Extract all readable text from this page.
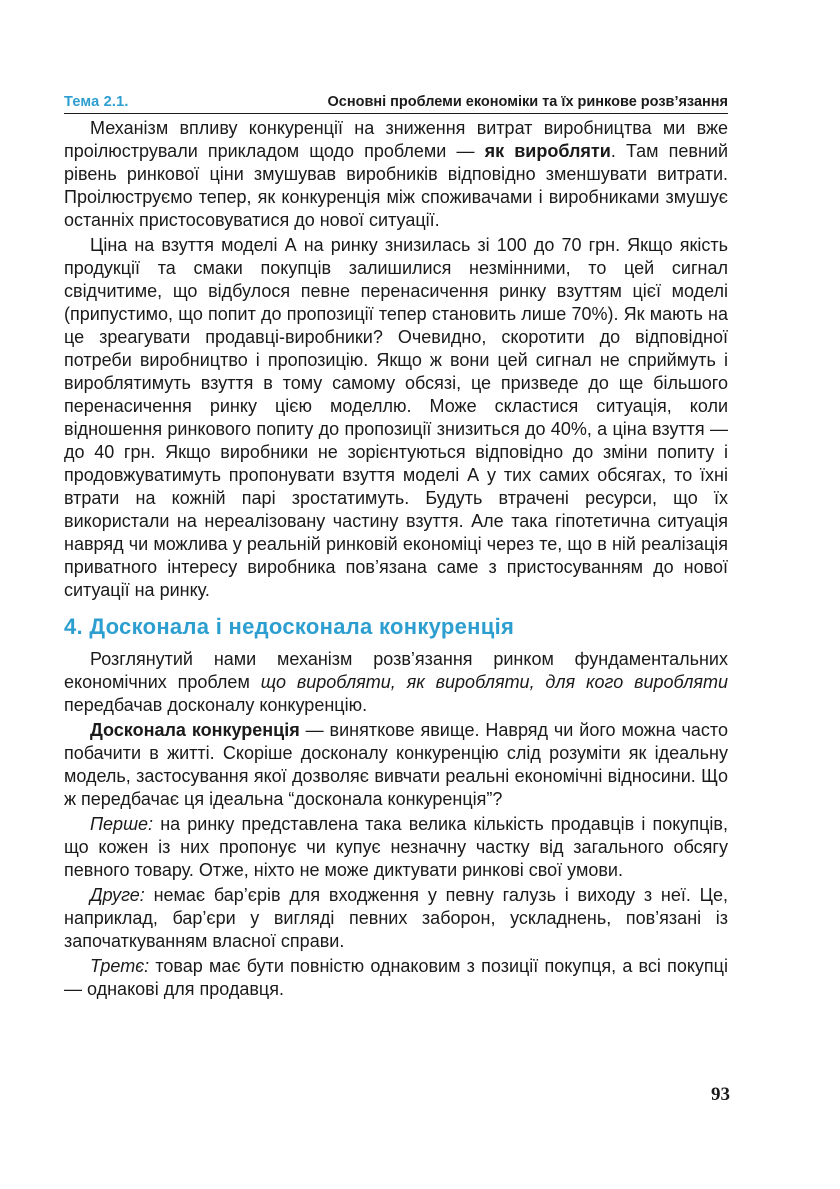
Тема 2.1.	Основні проблеми економіки та їх ринкове розв’язання

Механізм впливу конкуренції на зниження витрат виробництва ми вже проілюстрували прикладом щодо проблеми — як виробляти. Там певний рівень ринкової ціни змушував виробників відповідно зменшувати витрати. Проілюструємо тепер, як конкуренція між споживачами і виробниками змушує останніх пристосовуватися до нової ситуації.

Ціна на взуття моделі А на ринку знизилась зі 100 до 70 грн. Якщо якість продукції та смаки покупців залишилися незмінними, то цей сигнал свідчитиме, що відбулося певне перенасичення ринку взуттям цієї моделі (припустимо, що попит до пропозиції тепер становить лише 70%). Як мають на це зреагувати продавці-виробники? Очевидно, скоротити до відповідної потреби виробництво і пропозицію. Якщо ж вони цей сигнал не сприймуть і вироблятимуть взуття в тому самому обсязі, це призведе до ще більшого перенасичення ринку цією моделлю. Може скластися ситуація, коли відношення ринкового попиту до пропозиції знизиться до 40%, а ціна взуття — до 40 грн. Якщо виробники не зорієнтуються відповідно до зміни попиту і продовжуватимуть пропонувати взуття моделі А у тих самих обсягах, то їхні втрати на кожній парі зростатимуть. Будуть втрачені ресурси, що їх використали на нереалізовану частину взуття. Але така гіпотетична ситуація навряд чи можлива у реальній ринковій економіці через те, що в ній реалізація приватного інтересу виробника пов’язана саме з пристосуванням до нової ситуації на ринку.

4. Досконала і недосконала конкуренція

Розглянутий нами механізм розв’язання ринком фундаментальних економічних проблем що виробляти, як виробляти, для кого виробляти передбачав досконалу конкуренцію.

Досконала конкуренція — виняткове явище. Навряд чи його можна часто побачити в житті. Скоріше досконалу конкуренцію слід розуміти як ідеальну модель, застосування якої дозволяє вивчати реальні економічні відносини. Що ж передбачає ця ідеальна “досконала конкуренція”?

Перше: на ринку представлена така велика кількість продавців і покупців, що кожен із них пропонує чи купує незначну частку від загального обсягу певного товару. Отже, ніхто не може диктувати ринкові свої умови.

Друге: немає бар’єрів для входження у певну галузь і виходу з неї. Це, наприклад, бар’єри у вигляді певних заборон, ускладнень, пов’язані із започаткуванням власної справи.

Третє: товар має бути повністю однаковим з позиції покупця, а всі покупці — однакові для продавця.

93
